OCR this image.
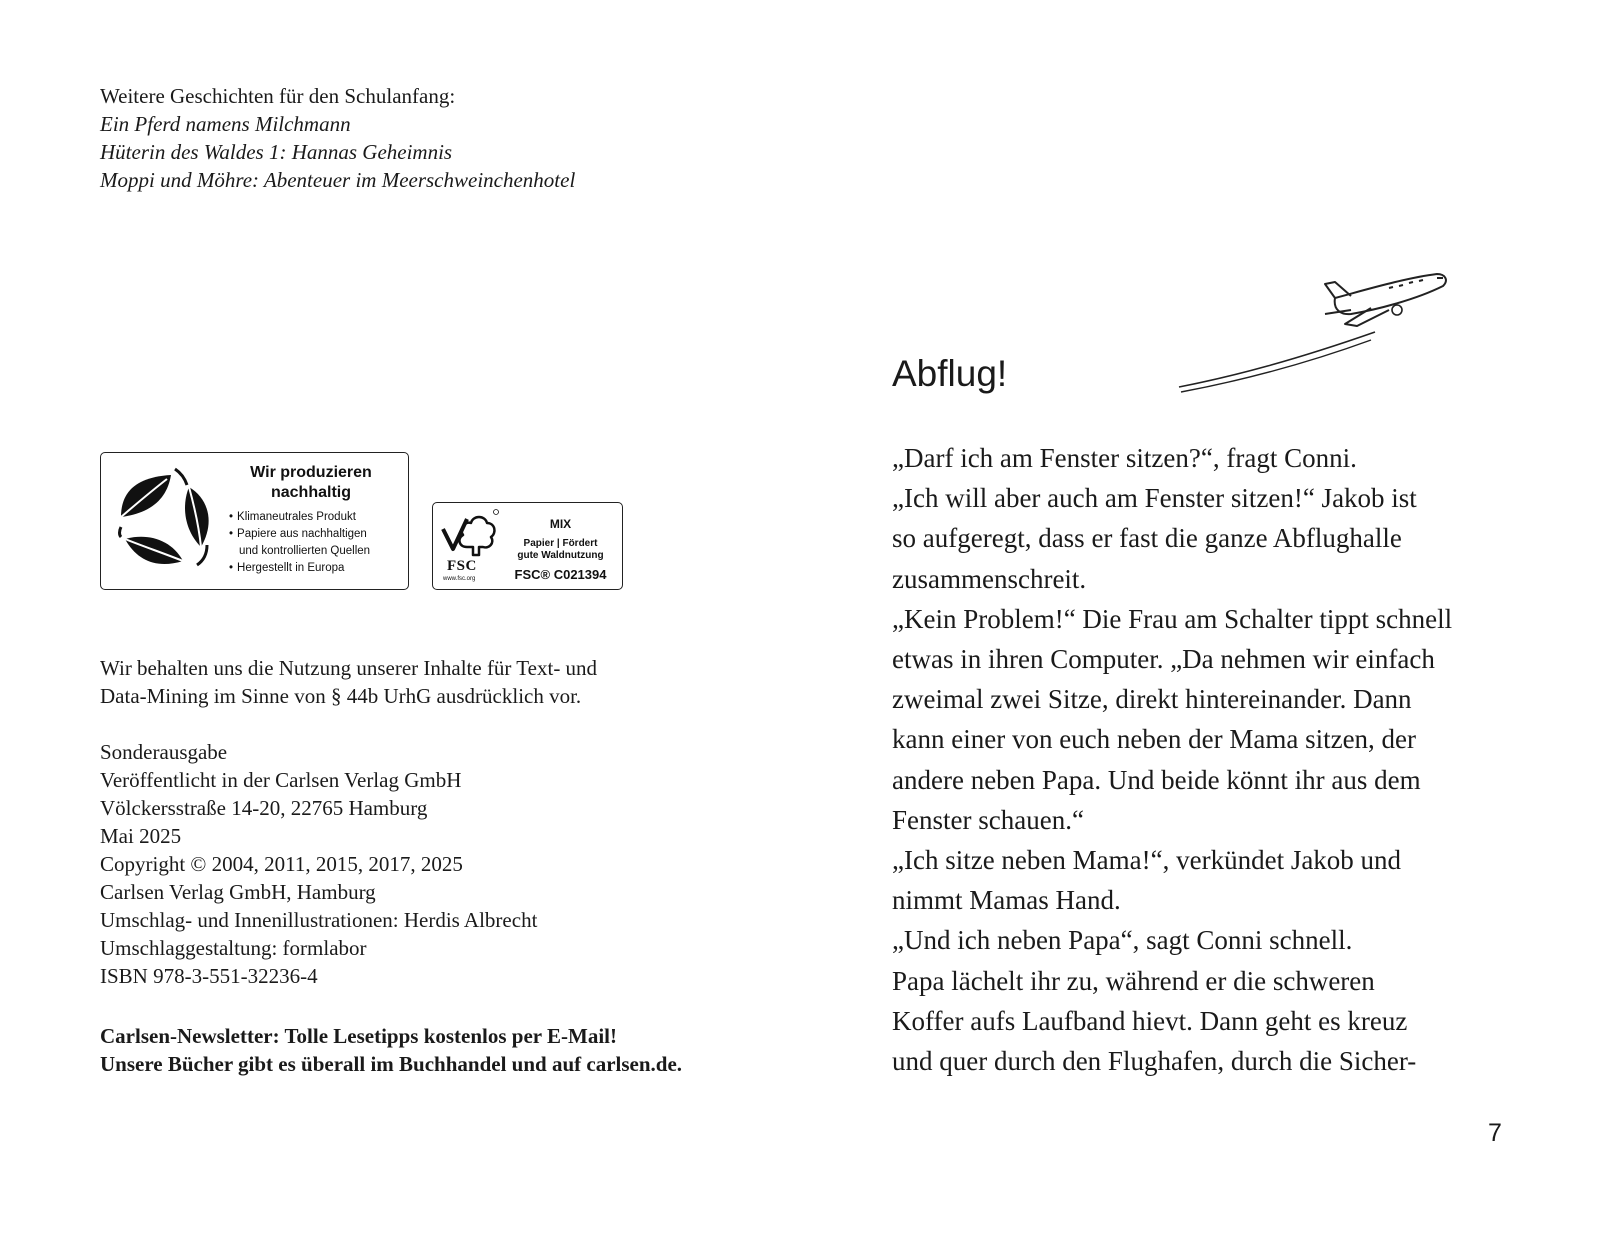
Weitere Geschichten für den Schulanfang:
Ein Pferd namens Milchmann
Hüterin des Waldes 1: Hannas Geheimnis
Moppi und Möhre: Abenteuer im Meerschweinchenhotel
Wir produzieren
nachhaltig
• Klimaneutrales Produkt
• Papiere aus nachhaltigen
und kontrollierten Quellen
• Hergestellt in Europa	FSC
www.fsc.org
MIX
Papier | Fördert
gute Waldnutzung
FSC® C021394
Wir behalten uns die Nutzung unserer Inhalte für Text- und
Data-Mining im Sinne von § 44b UrhG ausdrücklich vor.
Sonderausgabe
Veröffentlicht in der Carlsen Verlag GmbH
Völckersstraße 14-20, 22765 Hamburg
Mai 2025
Copyright © 2004, 2011, 2015, 2017, 2025
Carlsen Verlag GmbH, Hamburg
Umschlag- und Innenillustrationen: Herdis Albrecht
Umschlaggestaltung: formlabor
ISBN 978-3-551-32236-4
Carlsen-Newsletter: Tolle Lesetipps kostenlos per E-Mail!
Unsere Bücher gibt es überall im Buchhandel und auf carlsen.de.
Abflug!
„Darf ich am Fenster sitzen?“, fragt Conni.
„Ich will aber auch am Fenster sitzen!“ Jakob ist
so aufgeregt, dass er fast die ganze Abflughalle
zusammenschreit.
„Kein Problem!“ Die Frau am Schalter tippt schnell
etwas in ihren Computer. „Da nehmen wir einfach
zweimal zwei Sitze, direkt hintereinander. Dann
kann einer von euch neben der Mama sitzen, der
andere neben Papa. Und beide könnt ihr aus dem
Fenster schauen.“
„Ich sitze neben Mama!“, verkündet Jakob und
nimmt Mamas Hand.
„Und ich neben Papa“, sagt Conni schnell.
Papa lächelt ihr zu, während er die schweren
Koffer aufs Laufband hievt. Dann geht es kreuz
und quer durch den Flughafen, durch die Sicher-
7
